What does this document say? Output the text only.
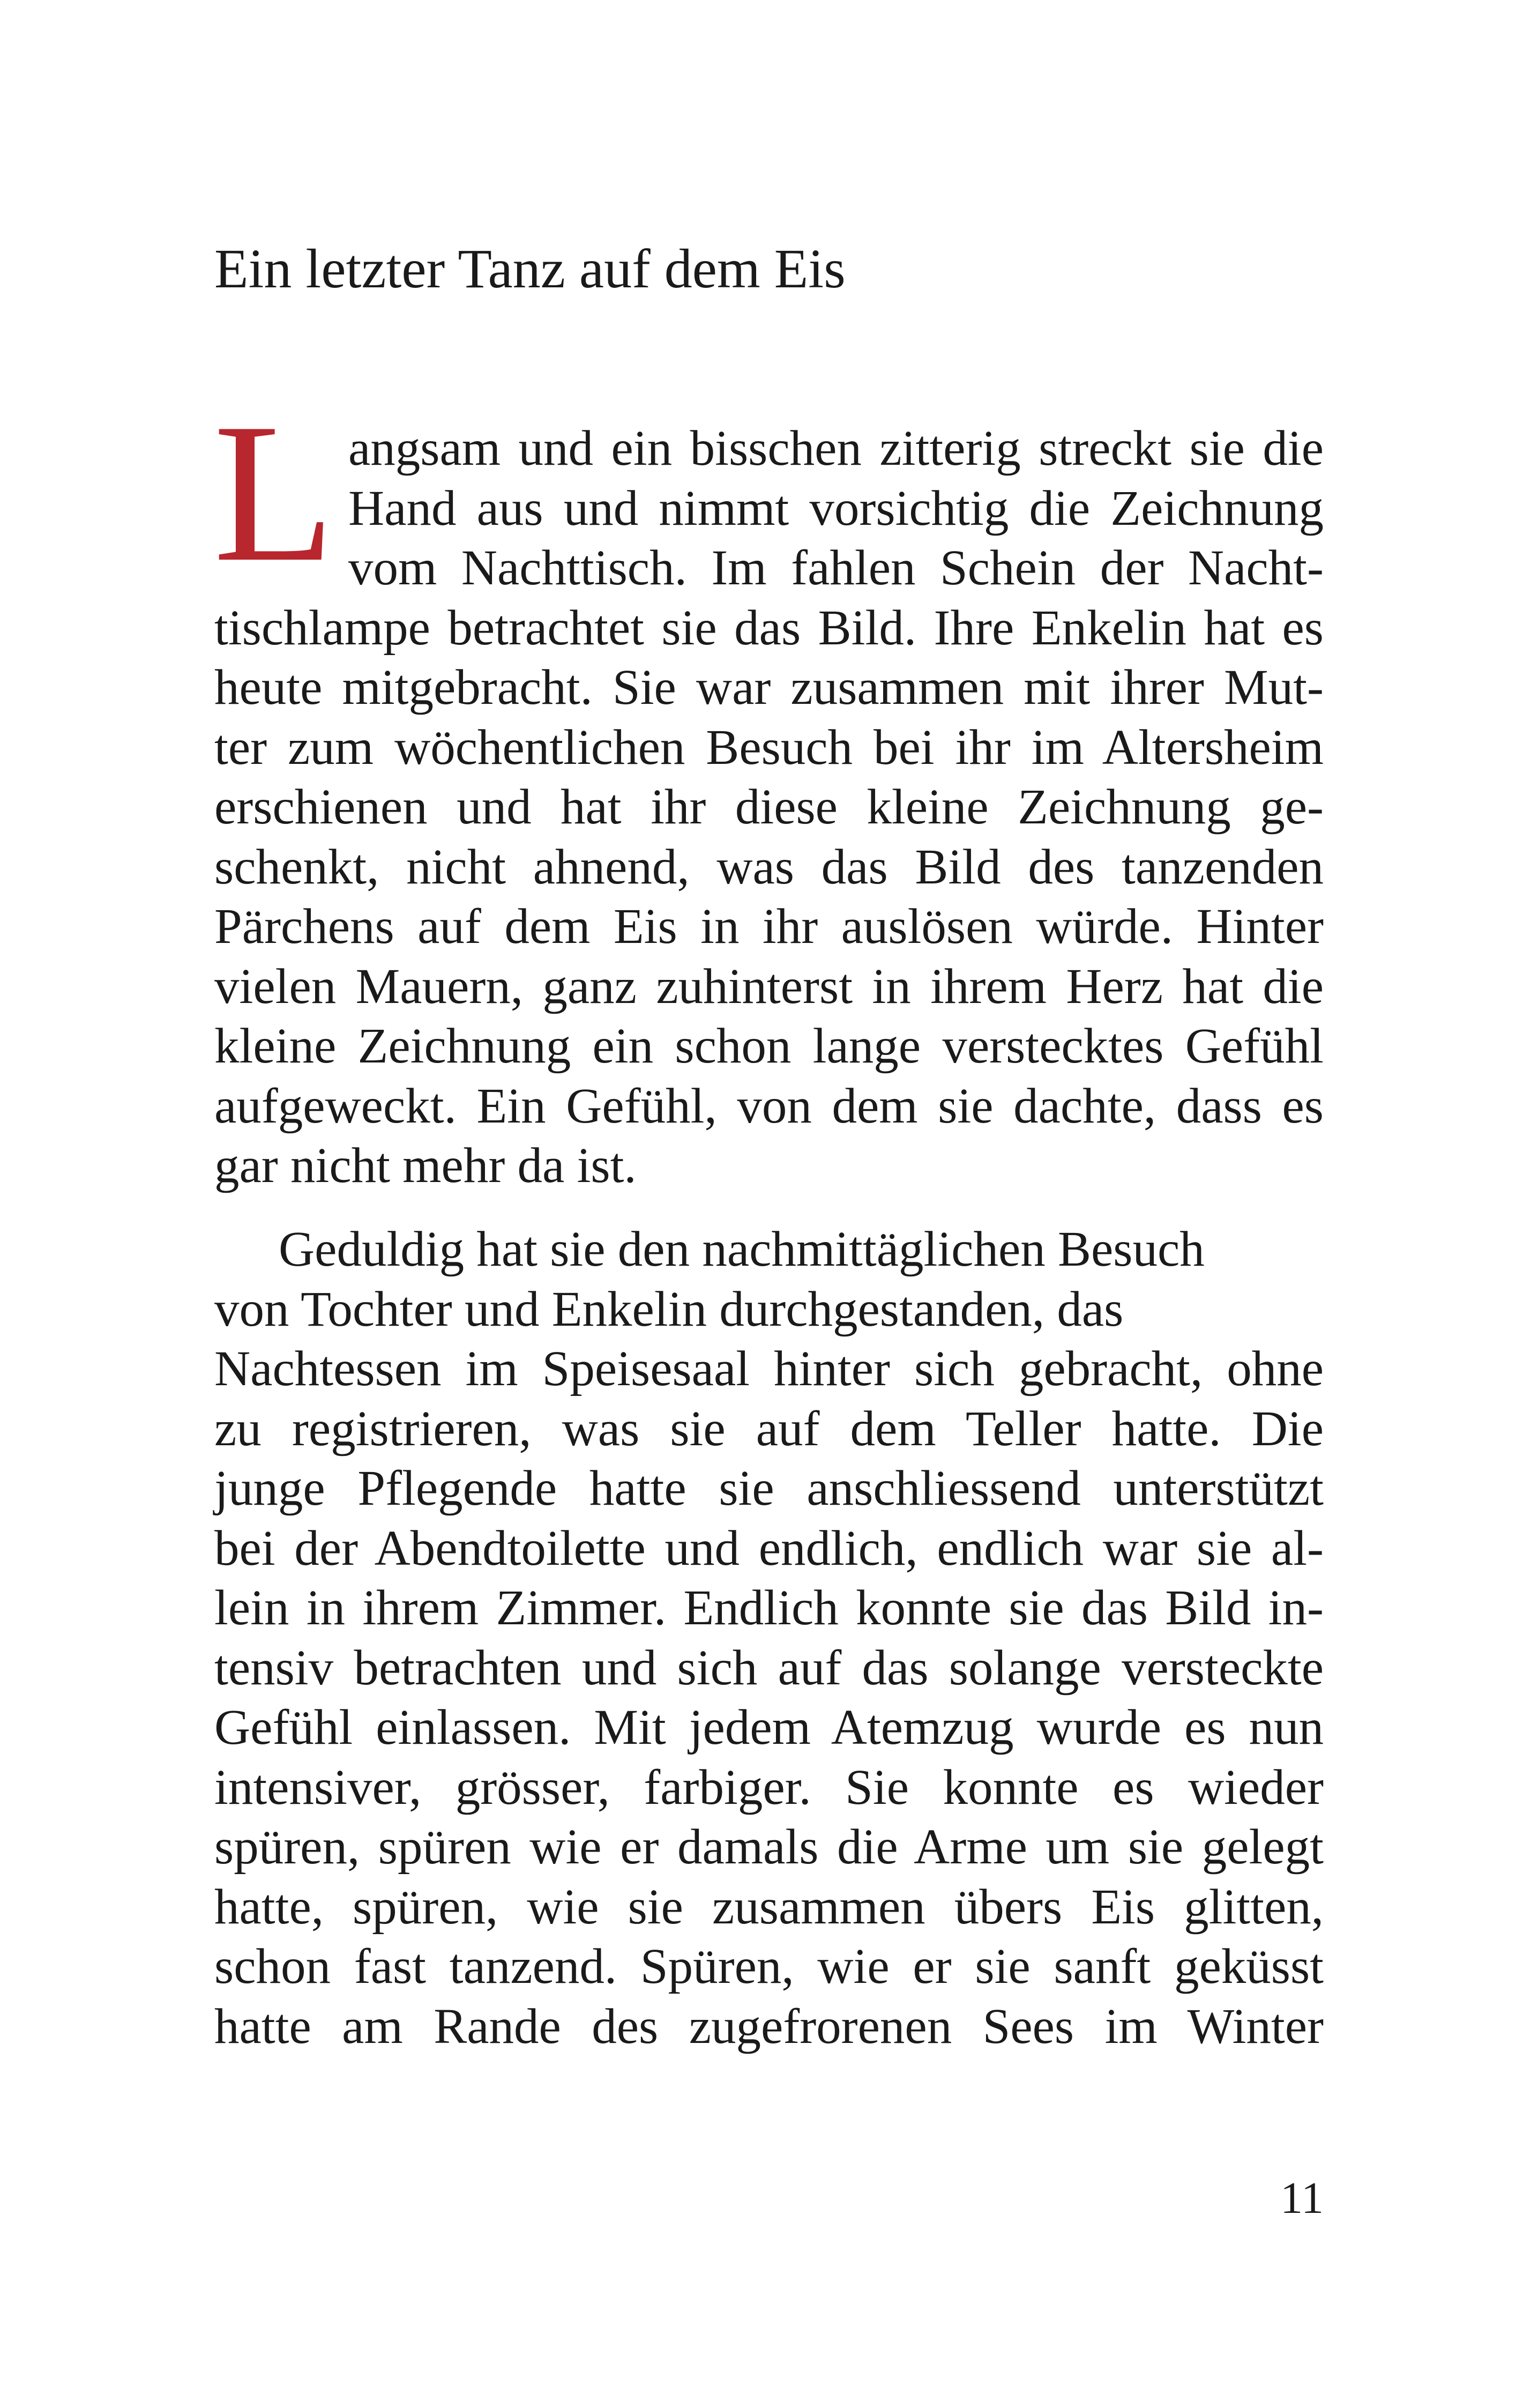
Ein letzter Tanz auf dem Eis
L angsam und ein bisschen zitterig streckt sie die
Hand aus und nimmt vorsichtig die Zeichnung
vom Nachttisch. Im fahlen Schein der Nacht-
tischlampe betrachtet sie das Bild. Ihre Enkelin hat es
heute mitgebracht. Sie war zusammen mit ihrer Mut-
ter zum wöchentlichen Besuch bei ihr im Altersheim
erschienen und hat ihr diese kleine Zeichnung ge-
schenkt, nicht ahnend, was das Bild des tanzenden
Pärchens auf dem Eis in ihr auslösen würde. Hinter
vielen Mauern, ganz zuhinterst in ihrem Herz hat die
kleine Zeichnung ein schon lange verstecktes Gefühl
aufgeweckt. Ein Gefühl, von dem sie dachte, dass es
gar nicht mehr da ist.
Geduldig hat sie den nachmittäglichen Besuch
von Tochter und Enkelin durchgestanden, das
Nachtessen im Speisesaal hinter sich gebracht, ohne
zu registrieren, was sie auf dem Teller hatte. Die
junge Pflegende hatte sie anschliessend unterstützt
bei der Abendtoilette und endlich, endlich war sie al-
lein in ihrem Zimmer. Endlich konnte sie das Bild in-
tensiv betrachten und sich auf das solange versteckte
Gefühl einlassen. Mit jedem Atemzug wurde es nun
intensiver, grösser, farbiger. Sie konnte es wieder
spüren, spüren wie er damals die Arme um sie gelegt
hatte, spüren, wie sie zusammen übers Eis glitten,
schon fast tanzend. Spüren, wie er sie sanft geküsst
hatte am Rande des zugefrorenen Sees im Winter
11
